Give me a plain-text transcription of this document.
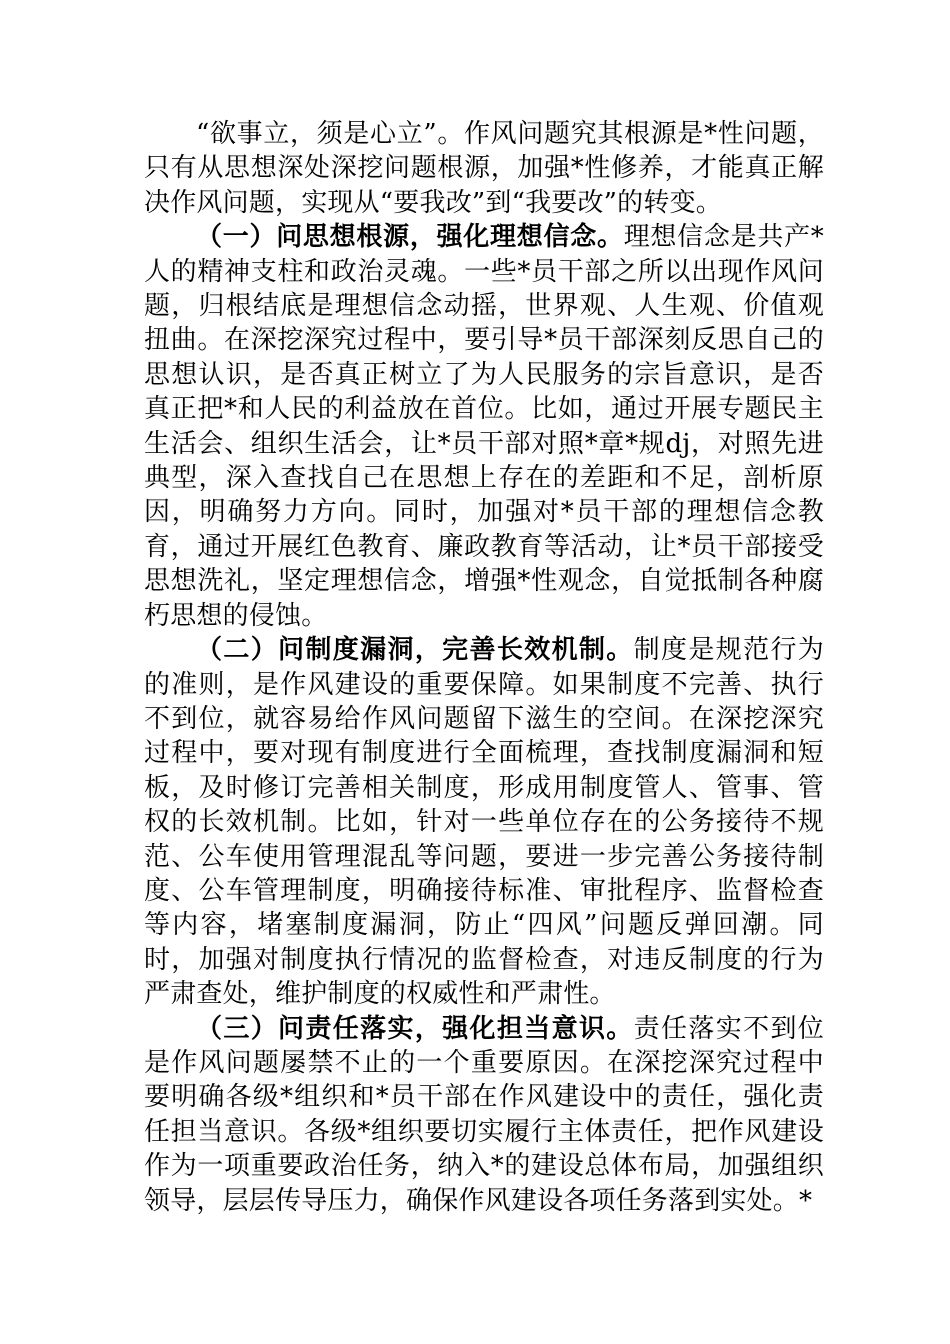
“欲事立，须是心立”。作风问题究其根源是*性问题，只有从思想深处深挖问题根源，加强*性修养，才能真正解决作风问题，实现从“要我改”到“我要改”的转变。

（一）问思想根源，强化理想信念。理想信念是共产*人的精神支柱和政治灵魂。一些*员干部之所以出现作风问题，归根结底是理想信念动摇，世界观、人生观、价值观扭曲。在深挖深究过程中，要引导*员干部深刻反思自己的思想认识，是否真正树立了为人民服务的宗旨意识，是否真正把*和人民的利益放在首位。比如，通过开展专题民主生活会、组织生活会，让*员干部对照*章*规dj，对照先进典型，深入查找自己在思想上存在的差距和不足，剖析原因，明确努力方向。同时，加强对*员干部的理想信念教育，通过开展红色教育、廉政教育等活动，让*员干部接受思想洗礼，坚定理想信念，增强*性观念，自觉抵制各种腐朽思想的侵蚀。

（二）问制度漏洞，完善长效机制。制度是规范行为的准则，是作风建设的重要保障。如果制度不完善、执行不到位，就容易给作风问题留下滋生的空间。在深挖深究过程中，要对现有制度进行全面梳理，查找制度漏洞和短板，及时修订完善相关制度，形成用制度管人、管事、管权的长效机制。比如，针对一些单位存在的公务接待不规范、公车使用管理混乱等问题，要进一步完善公务接待制度、公车管理制度，明确接待标准、审批程序、监督检查等内容，堵塞制度漏洞，防止“四风”问题反弹回潮。同时，加强对制度执行情况的监督检查，对违反制度的行为严肃查处，维护制度的权威性和严肃性。

（三）问责任落实，强化担当意识。责任落实不到位是作风问题屡禁不止的一个重要原因。在深挖深究过程中要明确各级*组织和*员干部在作风建设中的责任，强化责任担当意识。各级*组织要切实履行主体责任，把作风建设作为一项重要政治任务，纳入*的建设总体布局，加强组织领导，层层传导压力，确保作风建设各项任务落到实处。*
